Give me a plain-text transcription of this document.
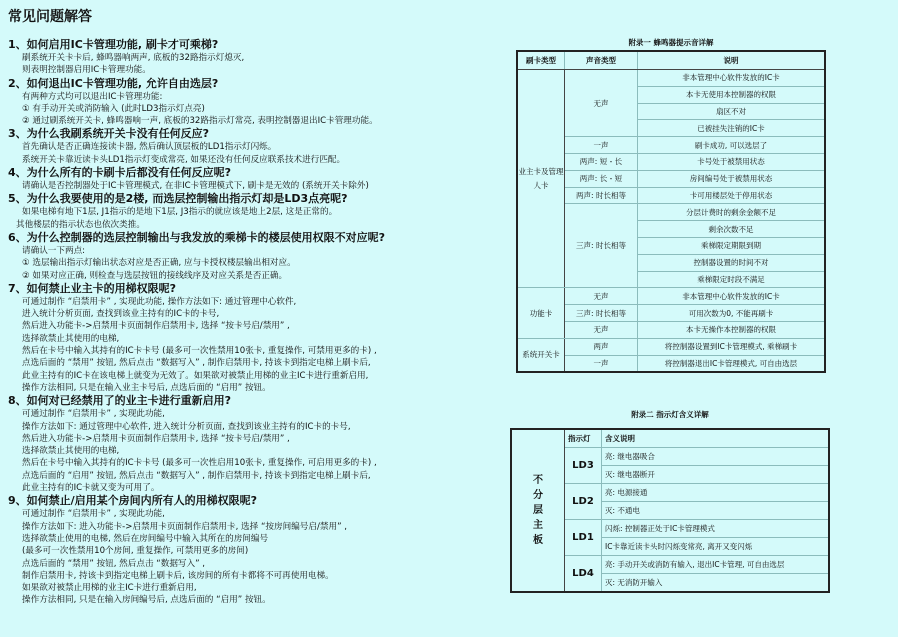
常见问题解答
1、如何启用IC卡管理功能, 刷卡才可乘梯?
刷系统开关卡卡后, 蜂鸣器响两声, 底板的32路指示灯熄灭,
则表明控制器启用IC卡管理功能。
2、如何退出IC卡管理功能, 允许自由选层?
有两种方式均可以退出IC卡管理功能:
① 有手动开关或消防输入 (此时LD3指示灯点亮)
② 通过刷系统开关卡, 蜂鸣器响一声, 底板的32路指示灯常亮, 表明控制器退出IC卡管理功能。
3、为什么我刷系统开关卡没有任何反应?
首先确认是否正确连接读卡器, 然后确认顶层板的LD1指示灯闪烁。
系统开关卡靠近读卡头LD1指示灯变成常亮, 如果还没有任何反应联系技术进行匹配。
4、为什么所有的卡刷卡后都没有任何反应呢?
请确认是否控制器处于IC卡管理模式, 在非IC卡管理模式下, 刷卡是无效的 (系统开关卡除外)
5、为什么我要使用的是2楼, 而选层控制输出指示灯却是LD3点亮呢?
如果电梯有地下1层, J1指示的是地下1层, J3指示的就应该是地上2层, 这是正常的。
其他楼层的指示状态也依次类推。
6、为什么控制器的选层控制输出与我发放的乘梯卡的楼层使用权限不对应呢?
请确认一下两点:
① 选层输出指示灯输出状态对应是否正确, 应与卡授权楼层输出相对应。
② 如果对应正确, 则检查与选层按钮的接线线序及对应关系是否正确。
7、如何禁止业主卡的用梯权限呢?
可通过制作 “启禁用卡” , 实现此功能, 操作方法如下: 通过管理中心软件,
进入统计分析页面, 查找到该业主持有的IC卡的卡号,
然后进入功能卡->启禁用卡页面制作启禁用卡, 选择 “按卡号启/禁用” ,
选择欲禁止其使用的电梯,
然后在卡号中输入其持有的IC卡卡号 (最多可一次性禁用10张卡, 重复操作, 可禁用更多的卡) ,
点选后面的 “禁用” 按钮, 然后点击 “数据写入” , 制作启禁用卡, 持该卡到指定电梯上刷卡后,
此业主持有的IC卡在该电梯上就变为无效了。如果欲对被禁止用梯的业主IC卡进行重新启用,
操作方法相同, 只是在输入业主卡号后, 点选后面的 “启用” 按钮。
8、如何对已经禁用了的业主卡进行重新启用?
可通过制作 “启禁用卡” , 实现此功能,
操作方法如下: 通过管理中心软件, 进入统计分析页面, 查找到该业主持有的IC卡的卡号,
然后进入功能卡->启禁用卡页面制作启禁用卡, 选择 “按卡号启/禁用” ,
选择欲禁止其使用的电梯,
然后在卡号中输入其持有的IC卡卡号 (最多可一次性启用10张卡, 重复操作, 可启用更多的卡) ,
点选后面的 “启用” 按钮, 然后点击 “数据写入” , 制作启禁用卡, 持该卡到指定电梯上刷卡后,
此业主持有的IC卡就又变为可用了。
9、如何禁止/启用某个房间内所有人的用梯权限呢?
可通过制作 “启禁用卡” , 实现此功能,
操作方法如下: 进入功能卡->启禁用卡页面制作启禁用卡, 选择 “按房间编号启/禁用” ,
选择欲禁止使用的电梯, 然后在房间编号中输入其所在的房间编号
(最多可一次性禁用10个房间, 重复操作, 可禁用更多的房间)
点选后面的 “禁用” 按钮, 然后点击 “数据写入” ,
制作启禁用卡, 持该卡到指定电梯上刷卡后, 该房间的所有卡都将不可再使用电梯。
如果欲对被禁止用梯的业主IC卡进行重新启用,
操作方法相同, 只是在输入房间编号后, 点选后面的 “启用” 按钮。
附录一 蜂鸣器提示音详解
刷卡类型	声音类型	说明
业主卡及管理人卡	无声	非本管理中心软件发放的IC卡
		本卡无使用本控制器的权限
		扇区不对
		已被挂失注销的IC卡
	一声	刷卡成功, 可以选层了
	两声: 短 - 长	卡号处于被禁用状态
	两声: 长 - 短	房间编号处于被禁用状态
	两声: 时长相等	卡可用楼层处于停用状态
	三声: 时长相等	分层计费时的剩余金额不足
		剩余次数不足
		乘梯限定期限到期
		控制器设置的时间不对
		乘梯限定时段不满足
功能卡	无声	非本管理中心软件发放的IC卡
	三声: 时长相等	可用次数为0, 不能再刷卡
	无声	本卡无操作本控制器的权限
系统开关卡	两声	将控制器设置到IC卡管理模式, 乘梯刷卡
	一声	将控制器退出IC卡管理模式, 可自由选层
附录二 指示灯含义详解
不分层主板	指示灯	含义说明
	LD3	亮: 继电器吸合
		灭: 继电器断开
	LD2	亮: 电源接通
		灭: 不通电
	LD1	闪烁: 控制器正处于IC卡管理模式
		IC卡靠近读卡头时闪烁变常亮, 离开又变闪烁
	LD4	亮: 手动开关或消防有输入, 退出IC卡管理, 可自由选层
		灭: 无消防开输入
